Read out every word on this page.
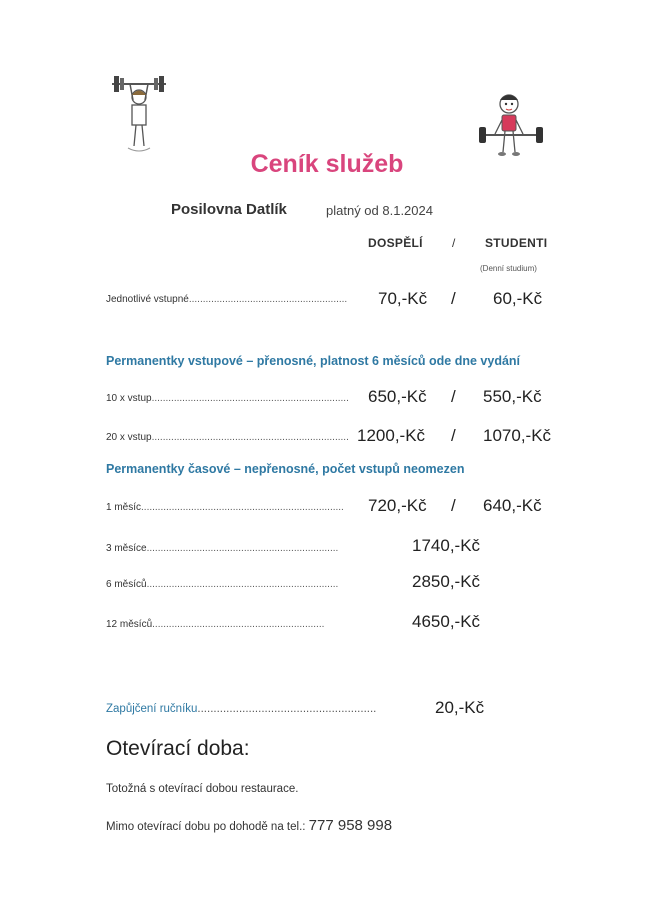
Ceník služeb
Posilovna Datlík	platný od 8.1.2024
DOSPĚLÍ / STUDENTI
(Denní studium)
Jednotlivé vstupné......................................................... 70,-Kč / 60,-Kč
Permanentky vstupové – přenosné, platnost 6 měsíců ode dne vydání
10 x vstup....................................................................... 650,-Kč / 550,-Kč
20 x vstup....................................................................... 1200,-Kč / 1070,-Kč
Permanentky časové – nepřenosné, počet vstupů neomezen
1 měsíc......................................................................... 720,-Kč / 640,-Kč
3 měsíce.....................................................................	1740,-Kč
6 měsíců.....................................................................	2850,-Kč
12 měsíců..............................................................	4650,-Kč
Zapůjčení ručníku........................................................	20,-Kč
Otevírací doba:
Totožná s otevírací dobou restaurace.
Mimo otevírací dobu po dohodě na tel.: 777 958 998
